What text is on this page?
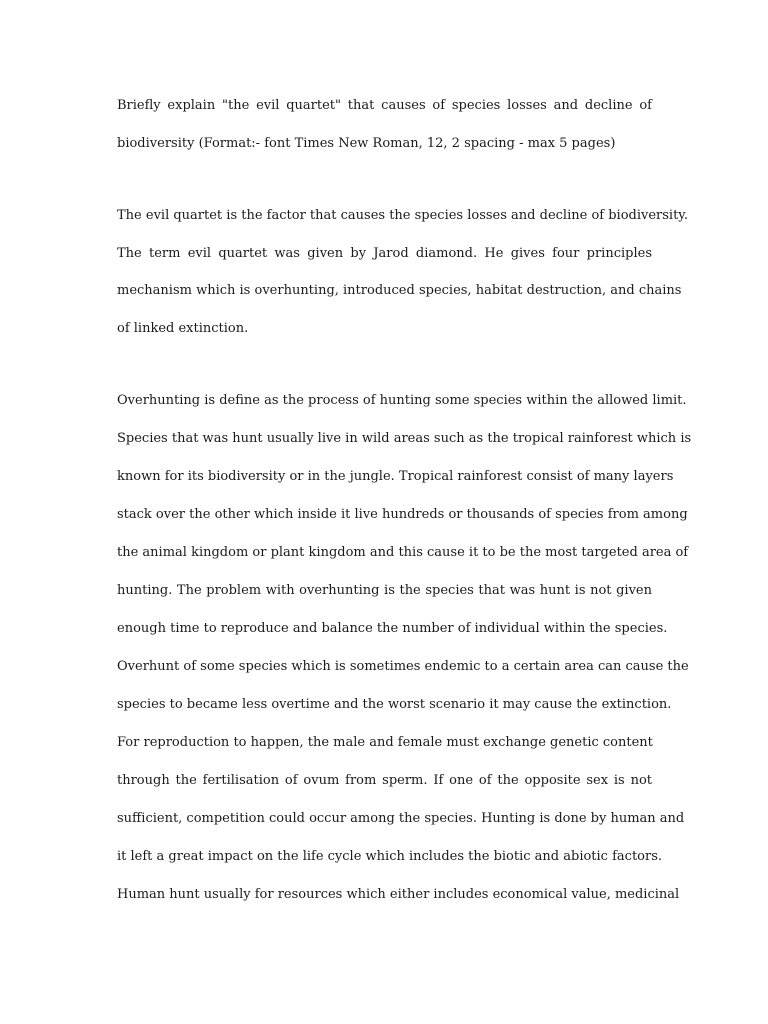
Briefly explain "the evil quartet" that causes of species losses and decline of
biodiversity (Format:- font Times New Roman, 12, 2 spacing - max 5 pages)
The evil quartet is the factor that causes the species losses and decline of biodiversity.
The term evil quartet was given by Jarod diamond. He gives four principles
mechanism which is overhunting, introduced species, habitat destruction, and chains
of linked extinction.
Overhunting is define as the process of hunting some species within the allowed limit.
Species that was hunt usually live in wild areas such as the tropical rainforest which is
known for its biodiversity or in the jungle. Tropical rainforest consist of many layers
stack over the other which inside it live hundreds or thousands of species from among
the animal kingdom or plant kingdom and this cause it to be the most targeted area of
hunting. The problem with overhunting is the species that was hunt is not given
enough time to reproduce and balance the number of individual within the species.
Overhunt of some species which is sometimes endemic to a certain area can cause the
species to became less overtime and the worst scenario it may cause the extinction.
For reproduction to happen, the male and female must exchange genetic content
through the fertilisation of ovum from sperm. If one of the opposite sex is not
sufficient, competition could occur among the species. Hunting is done by human and
it left a great impact on the life cycle which includes the biotic and abiotic factors.
Human hunt usually for resources which either includes economical value, medicinal
